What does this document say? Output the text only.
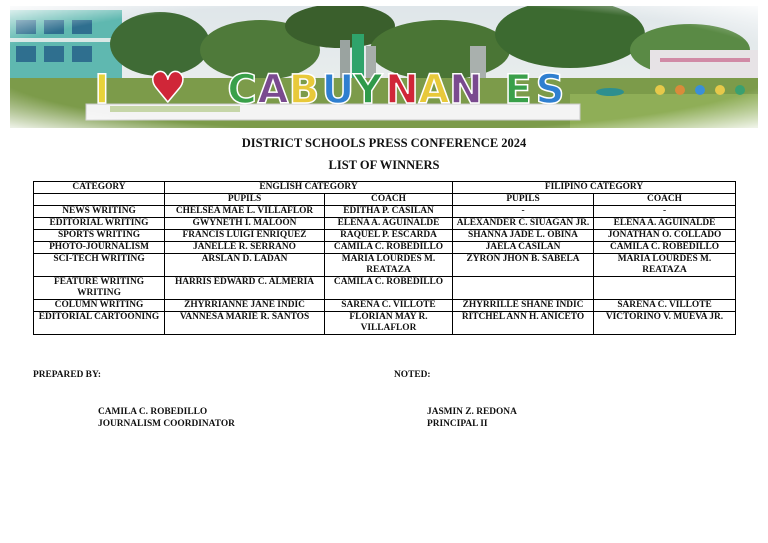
DISTRICT SCHOOLS PRESS CONFERENCE 2024
LIST OF WINNERS
CATEGORY	ENGLISH CATEGORY		FILIPINO CATEGORY	
	PUPILS	COACH	PUPILS	COACH
NEWS WRITING	CHELSEA MAE L. VILLAFLOR	EDITHA P. CASILAN	-	-
EDITORIAL WRITING	GWYNETH I. MALOON	ELENA A. AGUINALDE	ALEXANDER C. SIUAGAN JR.	ELENA A. AGUINALDE
SPORTS WRITING	FRANCIS LUIGI ENRIQUEZ	RAQUEL P. ESCARDA	SHANNA JADE L. OBINA	JONATHAN O. COLLADO
PHOTO-JOURNALISM	JANELLE R. SERRANO	CAMILA C. ROBEDILLO	JAELA CASILAN	CAMILA C. ROBEDILLO
SCI-TECH WRITING	ARSLAN D. LADAN	MARIA LOURDES M. REATAZA	ZYRON JHON B. SABELA	MARIA LOURDES M. REATAZA
FEATURE WRITING WRITING	HARRIS EDWARD C. ALMERIA	CAMILA C. ROBEDILLO		
COLUMN WRITING	ZHYRRIANNE JANE INDIC	SARENA C. VILLOTE	ZHYRRILLE SHANE INDIC	SARENA C. VILLOTE
EDITORIAL CARTOONING	VANNESA MARIE R. SANTOS	FLORIAN MAY R. VILLAFLOR	RITCHEL ANN H. ANICETO	VICTORINO V. MUEVA JR.
PREPARED BY:	NOTED:
CAMILA C. ROBEDILLO
JOURNALISM COORDINATOR
JASMIN Z. REDONA
PRINCIPAL II
